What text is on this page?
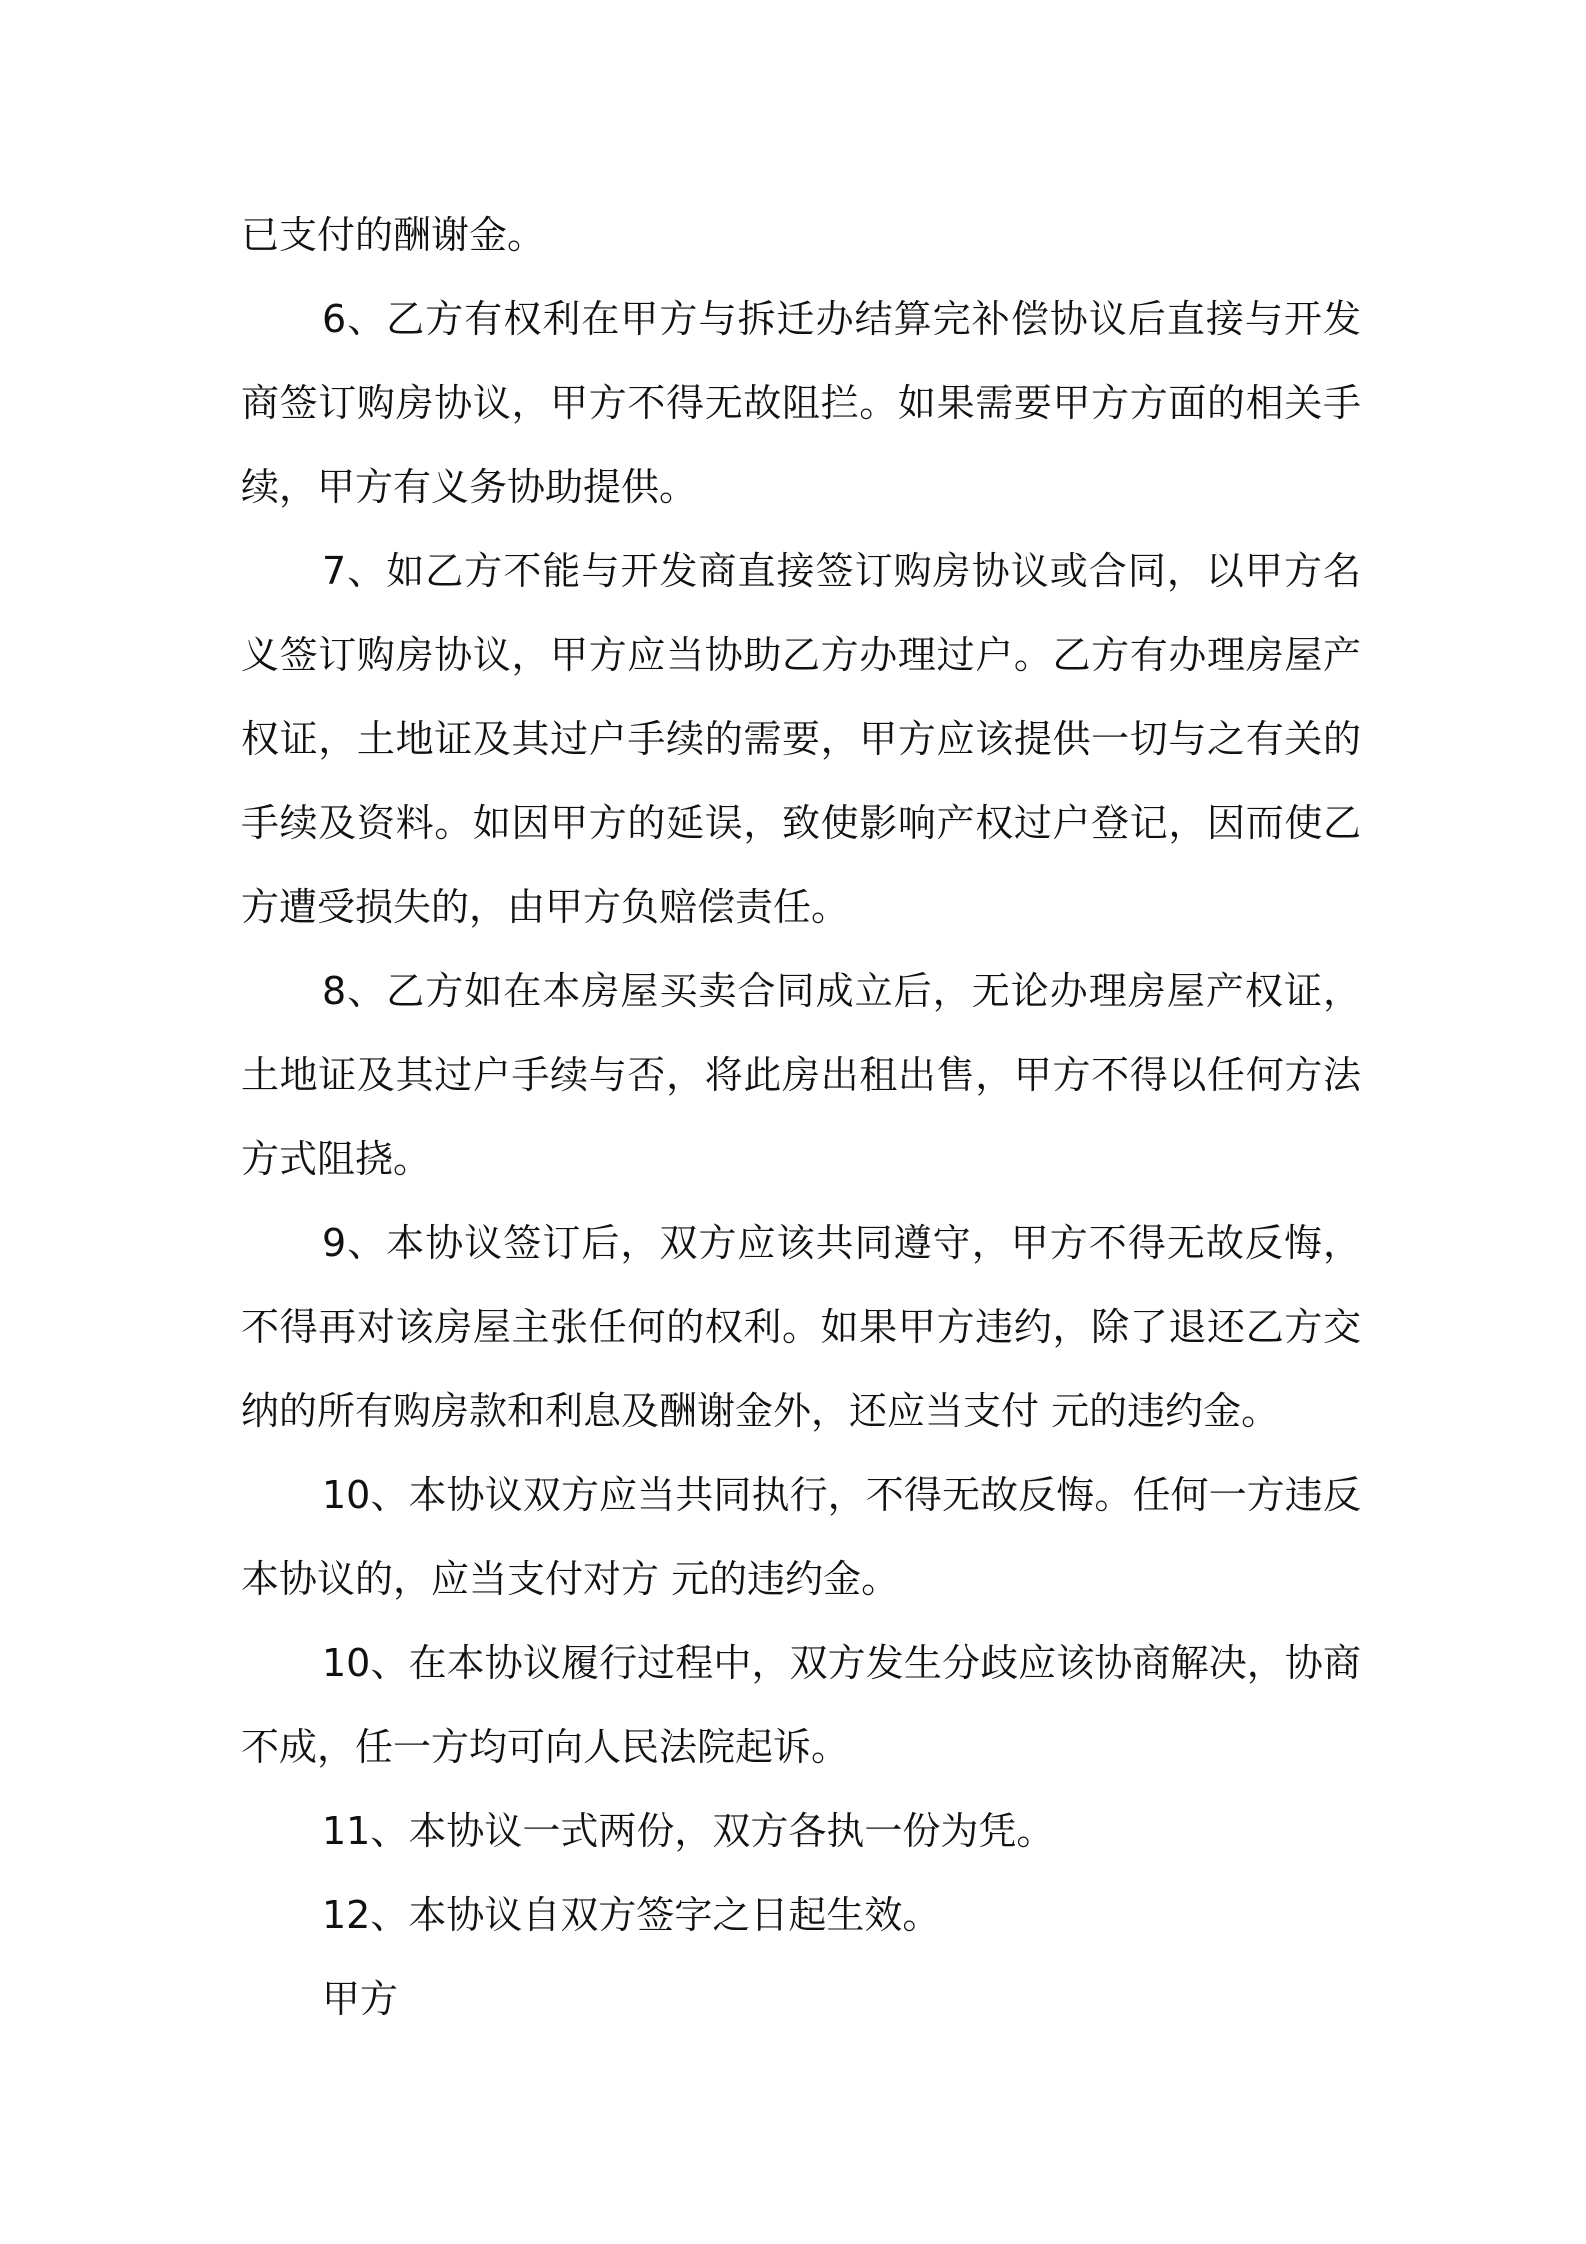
已支付的酬谢金。

6、乙方有权利在甲方与拆迁办结算完补偿协议后直接与开发商签订购房协议，甲方不得无故阻拦。如果需要甲方方面的相关手续，甲方有义务协助提供。

7、如乙方不能与开发商直接签订购房协议或合同，以甲方名义签订购房协议，甲方应当协助乙方办理过户。乙方有办理房屋产权证，土地证及其过户手续的需要，甲方应该提供一切与之有关的手续及资料。如因甲方的延误，致使影响产权过户登记，因而使乙方遭受损失的，由甲方负赔偿责任。

8、乙方如在本房屋买卖合同成立后，无论办理房屋产权证，土地证及其过户手续与否，将此房出租出售，甲方不得以任何方法方式阻挠。

9、本协议签订后，双方应该共同遵守，甲方不得无故反悔，不得再对该房屋主张任何的权利。如果甲方违约，除了退还乙方交纳的所有购房款和利息及酬谢金外，还应当支付 元的违约金。

10、本协议双方应当共同执行，不得无故反悔。任何一方违反本协议的，应当支付对方 元的违约金。

10、在本协议履行过程中，双方发生分歧应该协商解决，协商不成，任一方均可向人民法院起诉。

11、本协议一式两份，双方各执一份为凭。

12、本协议自双方签字之日起生效。

甲方
